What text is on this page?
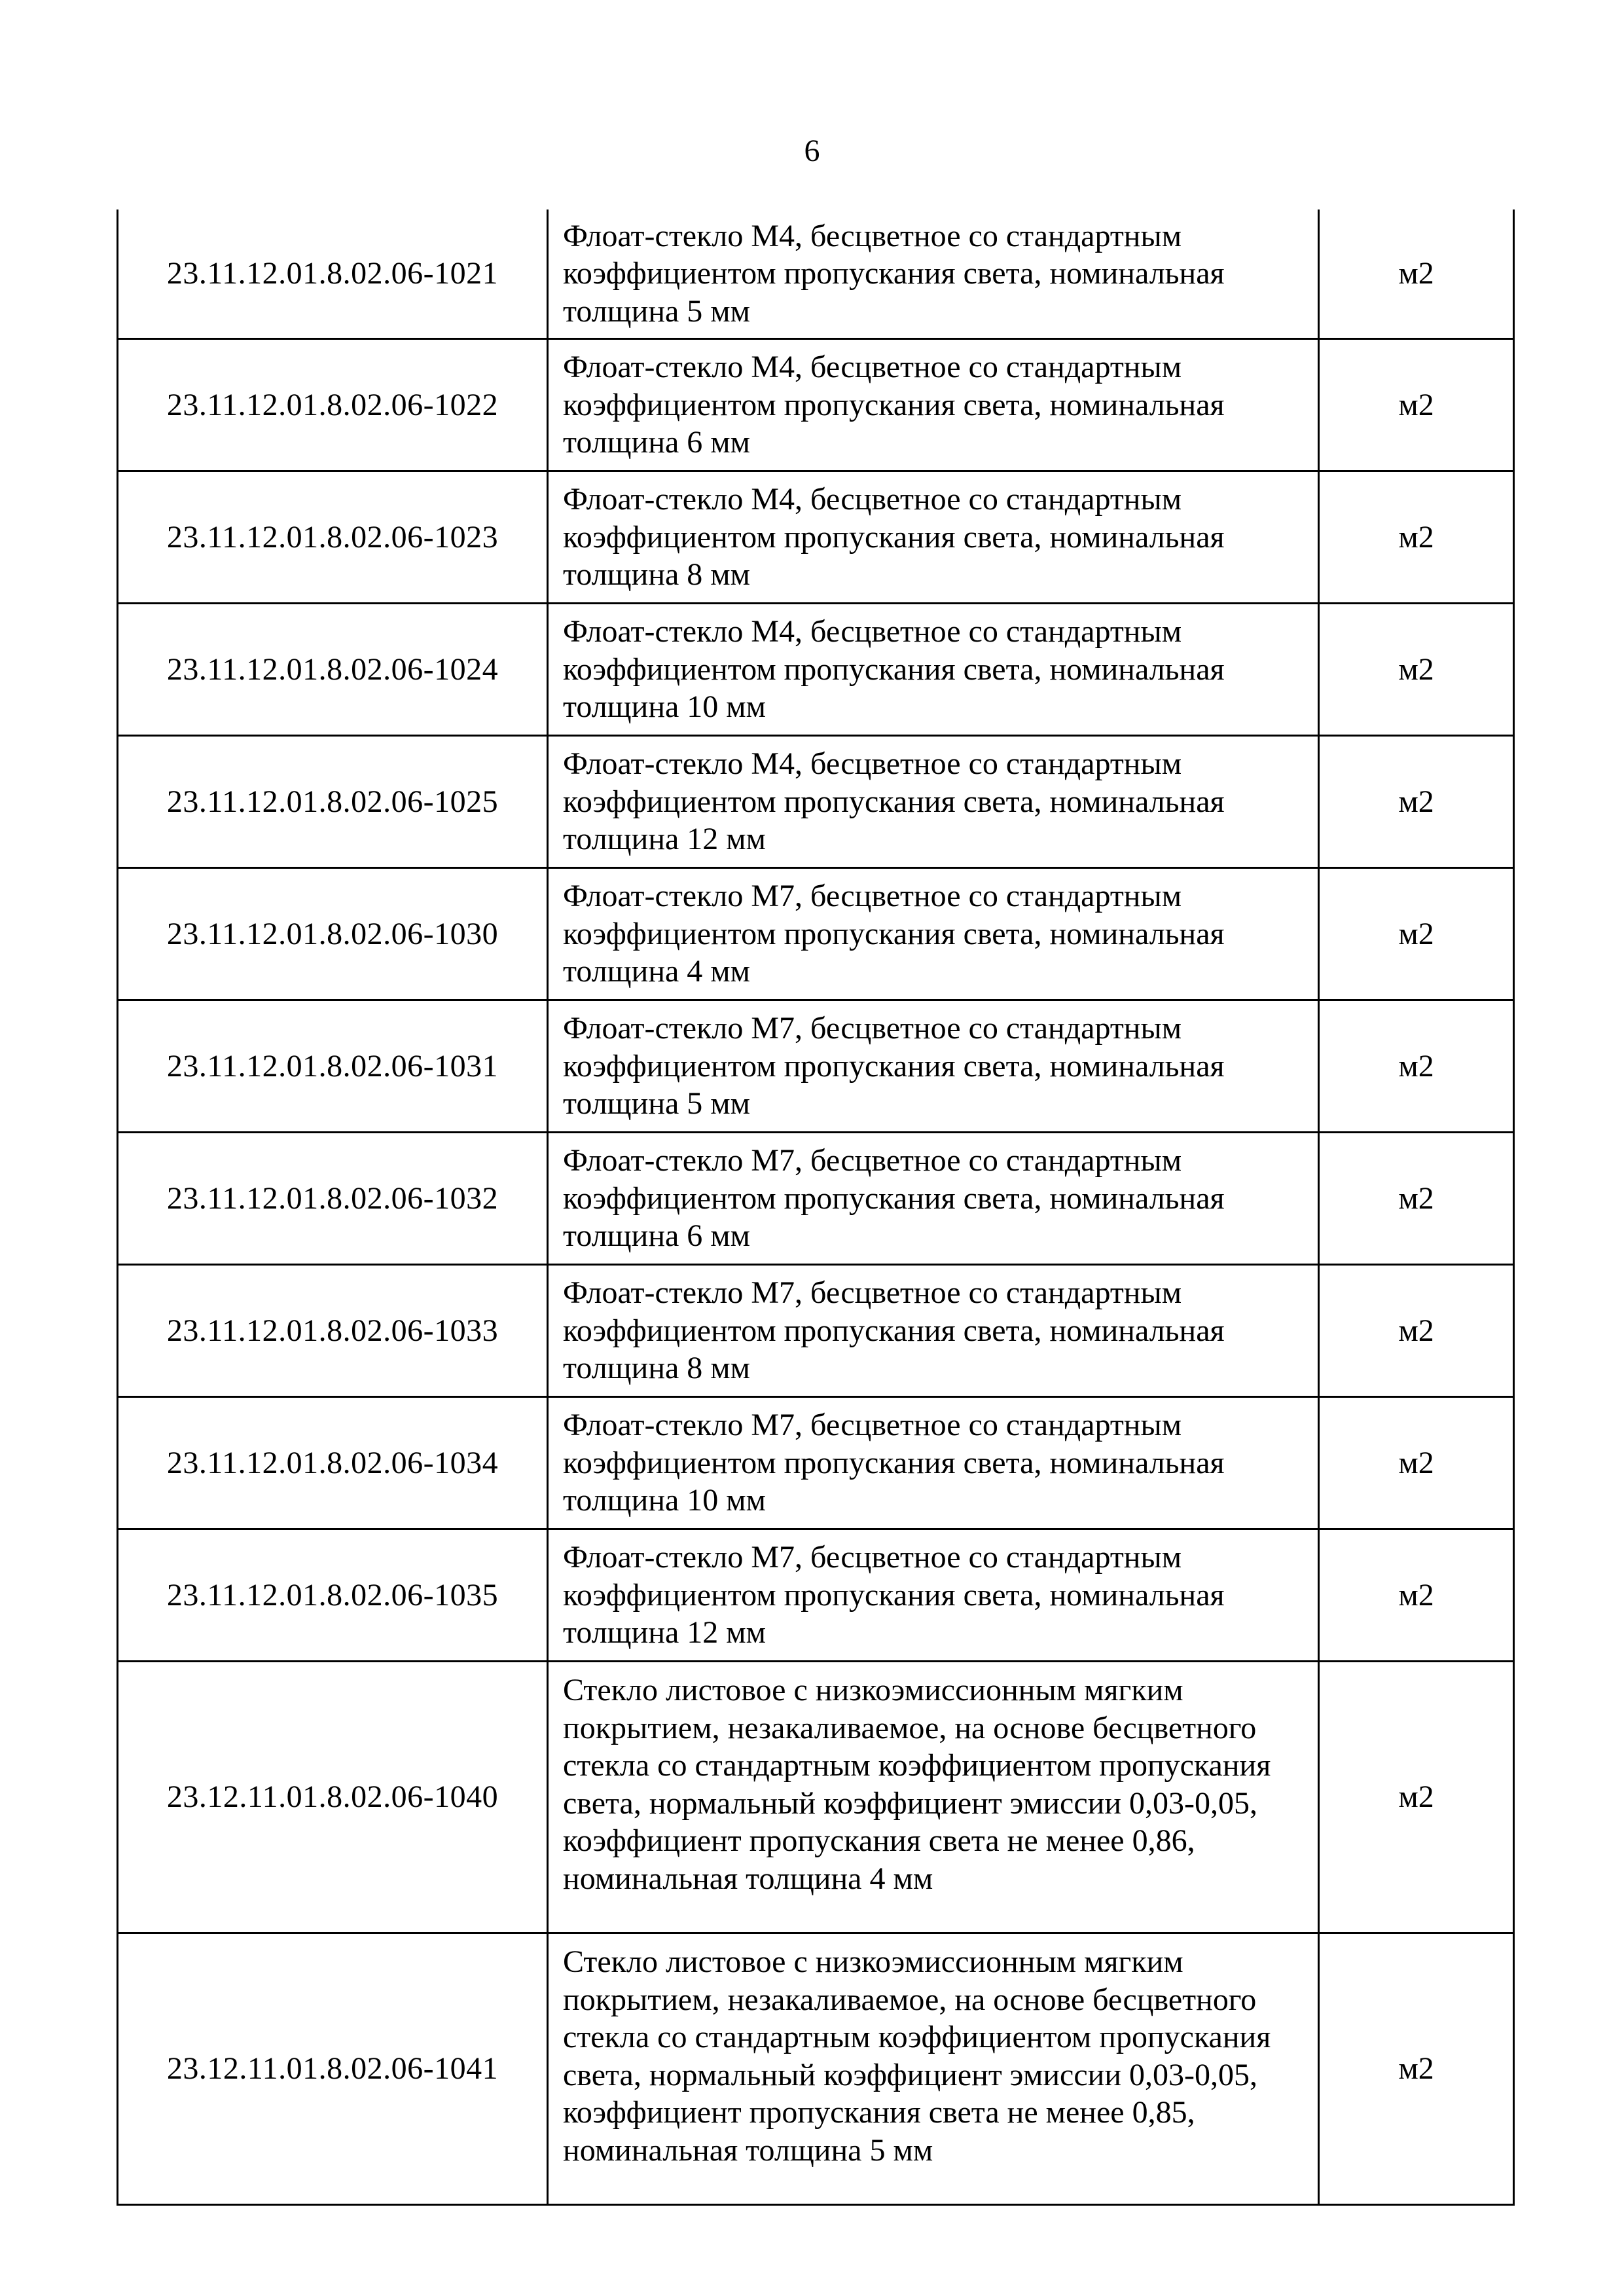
6
23.11.12.01.8.02.06-1021	Флоат-стекло М4, бесцветное со стандартным коэффициентом пропускания света, номинальная толщина 5 мм	м2
23.11.12.01.8.02.06-1022	Флоат-стекло М4, бесцветное со стандартным коэффициентом пропускания света, номинальная толщина 6 мм	м2
23.11.12.01.8.02.06-1023	Флоат-стекло М4, бесцветное со стандартным коэффициентом пропускания света, номинальная толщина 8 мм	м2
23.11.12.01.8.02.06-1024	Флоат-стекло М4, бесцветное со стандартным коэффициентом пропускания света, номинальная толщина 10 мм	м2
23.11.12.01.8.02.06-1025	Флоат-стекло М4, бесцветное со стандартным коэффициентом пропускания света, номинальная толщина 12 мм	м2
23.11.12.01.8.02.06-1030	Флоат-стекло М7, бесцветное со стандартным коэффициентом пропускания света, номинальная толщина 4 мм	м2
23.11.12.01.8.02.06-1031	Флоат-стекло М7, бесцветное со стандартным коэффициентом пропускания света, номинальная толщина 5 мм	м2
23.11.12.01.8.02.06-1032	Флоат-стекло М7, бесцветное со стандартным коэффициентом пропускания света, номинальная толщина 6 мм	м2
23.11.12.01.8.02.06-1033	Флоат-стекло М7, бесцветное со стандартным коэффициентом пропускания света, номинальная толщина 8 мм	м2
23.11.12.01.8.02.06-1034	Флоат-стекло М7, бесцветное со стандартным коэффициентом пропускания света, номинальная толщина 10 мм	м2
23.11.12.01.8.02.06-1035	Флоат-стекло М7, бесцветное со стандартным коэффициентом пропускания света, номинальная толщина 12 мм	м2
23.12.11.01.8.02.06-1040	Стекло листовое с низкоэмиссионным мягким покрытием, незакаливаемое, на основе бесцветного стекла со стандартным коэффициентом пропускания света, нормальный коэффициент эмиссии 0,03-0,05, коэффициент пропускания света не менее 0,86, номинальная толщина 4 мм	м2
23.12.11.01.8.02.06-1041	Стекло листовое с низкоэмиссионным мягким покрытием, незакаливаемое, на основе бесцветного стекла со стандартным коэффициентом пропускания света, нормальный коэффициент эмиссии 0,03-0,05, коэффициент пропускания света не менее 0,85, номинальная толщина 5 мм	м2
